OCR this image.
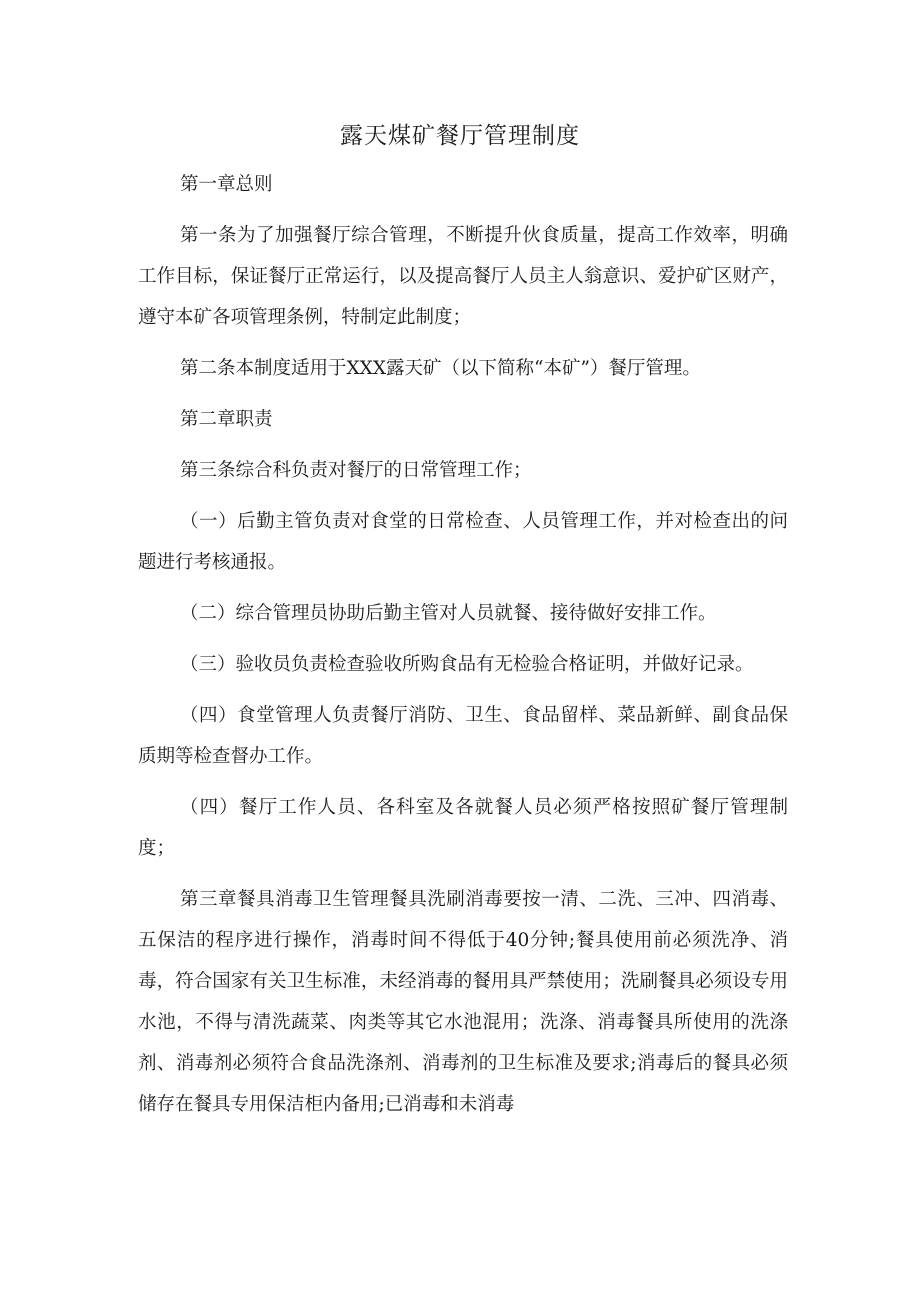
露天煤矿餐厅管理制度

第一章总则

第一条为了加强餐厅综合管理，不断提升伙食质量，提高工作效率，明确工作目标，保证餐厅正常运行，以及提高餐厅人员主人翁意识、爱护矿区财产，遵守本矿各项管理条例，特制定此制度；

第二条本制度适用于XXX露天矿（以下简称“本矿”）餐厅管理。

第二章职责

第三条综合科负责对餐厅的日常管理工作；

（一）后勤主管负责对食堂的日常检查、人员管理工作，并对检查出的问题进行考核通报。

（二）综合管理员协助后勤主管对人员就餐、接待做好安排工作。

（三）验收员负责检查验收所购食品有无检验合格证明，并做好记录。

（四）食堂管理人负责餐厅消防、卫生、食品留样、菜品新鲜、副食品保质期等检查督办工作。

（四）餐厅工作人员、各科室及各就餐人员必须严格按照矿餐厅管理制度；

第三章餐具消毒卫生管理餐具洗刷消毒要按一清、二洗、三冲、四消毒、五保洁的程序进行操作，消毒时间不得低于40分钟;餐具使用前必须洗净、消毒，符合国家有关卫生标准，未经消毒的餐用具严禁使用；洗刷餐具必须设专用水池，不得与清洗蔬菜、肉类等其它水池混用；洗涤、消毒餐具所使用的洗涤剂、消毒剂必须符合食品洗涤剂、消毒剂的卫生标准及要求;消毒后的餐具必须储存在餐具专用保洁柜内备用;已消毒和未消毒
